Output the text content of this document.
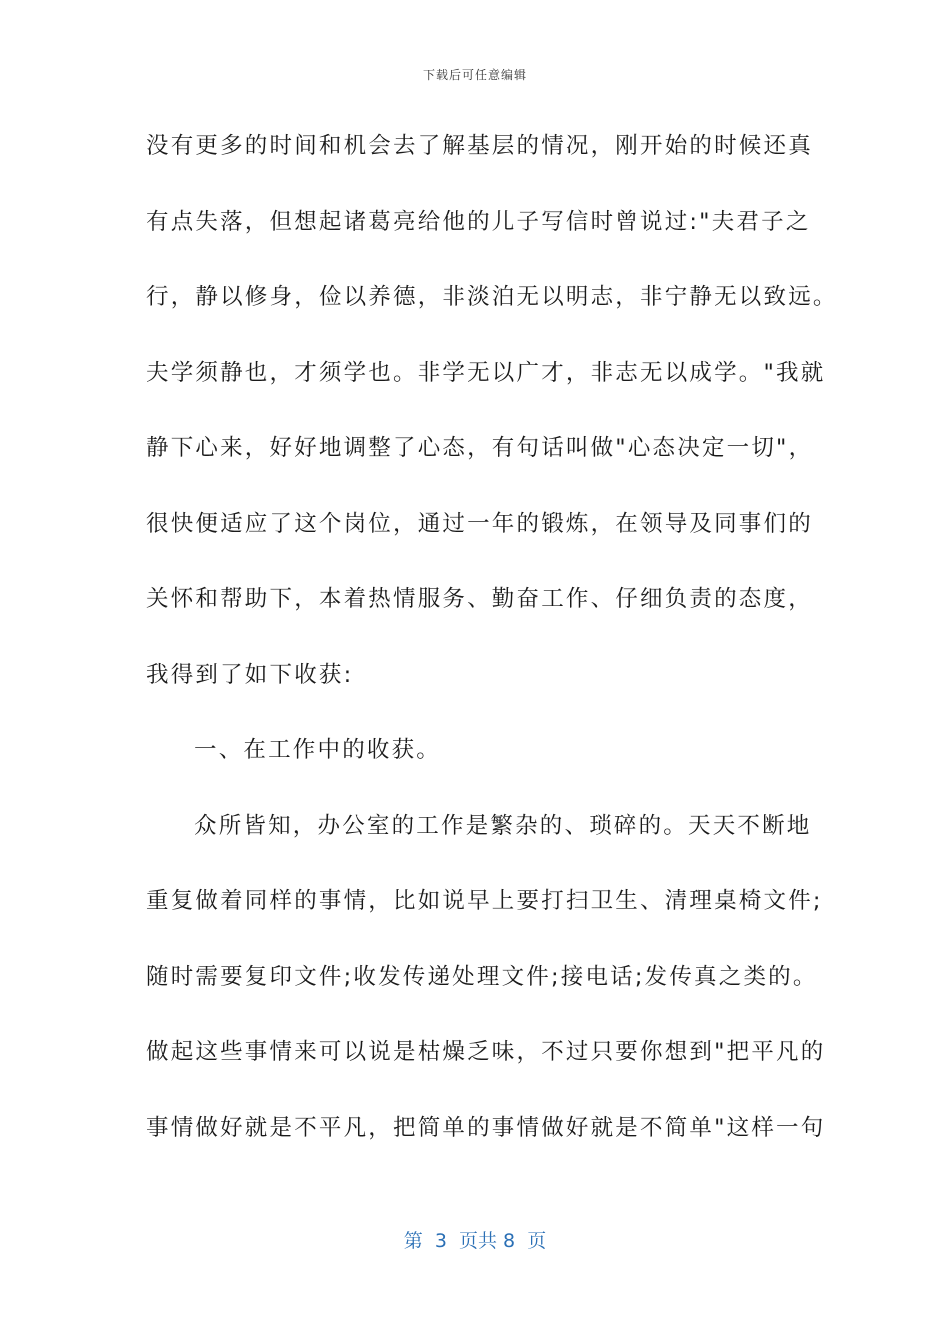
下载后可任意编辑
没有更多的时间和机会去了解基层的情况，刚开始的时候还真
有点失落，但想起诸葛亮给他的儿子写信时曾说过:"夫君子之
行，静以修身，俭以养德，非淡泊无以明志，非宁静无以致远。
夫学须静也，才须学也。非学无以广才，非志无以成学。"我就
静下心来，好好地调整了心态，有句话叫做"心态决定一切"，
很快便适应了这个岗位，通过一年的锻炼，在领导及同事们的
关怀和帮助下，本着热情服务、勤奋工作、仔细负责的态度，
我得到了如下收获:
一、在工作中的收获。
众所皆知，办公室的工作是繁杂的、琐碎的。天天不断地
重复做着同样的事情，比如说早上要打扫卫生、清理桌椅文件;
随时需要复印文件;收发传递处理文件;接电话;发传真之类的。
做起这些事情来可以说是枯燥乏味，不过只要你想到"把平凡的
事情做好就是不平凡，把简单的事情做好就是不简单"这样一句
第  3  页共 8  页
